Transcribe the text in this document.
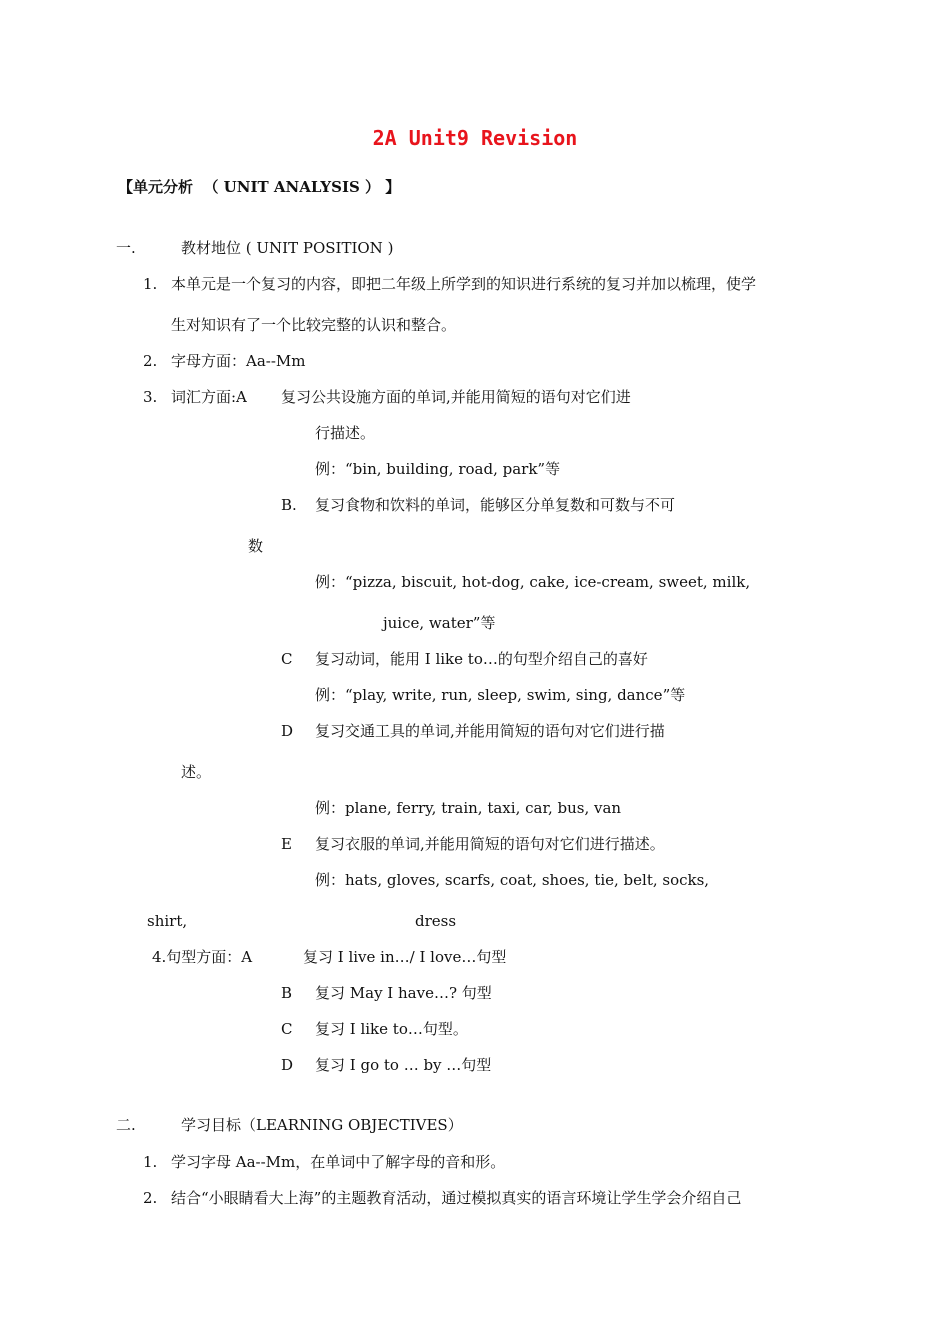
2A Unit9 Revision
【单元分析  （ UNIT ANALYSIS ） 】
一.	教材地位 ( UNIT POSITION )
1. 本单元是一个复习的内容，即把二年级上所学到的知识进行系统的复习并加以梳理，使学
生对知识有了一个比较完整的认识和整合。
2. 字母方面：Aa--Mm
3. 词汇方面:A 复习公共设施方面的单词,并能用简短的语句对它们进
行描述。
例：“bin, building, road, park”等
B. 复习食物和饮料的单词，能够区分单复数和可数与不可
数
例：“pizza, biscuit, hot-dog, cake, ice-cream, sweet, milk,
juice, water”等
C 复习动词，能用 I like to…的句型介绍自己的喜好
例：“play, write, run, sleep, swim, sing, dance”等
D 复习交通工具的单词,并能用简短的语句对它们进行描
述。
例：plane, ferry, train, taxi, car, bus, van
E 复习衣服的单词,并能用简短的语句对它们进行描述。
例：hats, gloves, scarfs, coat, shoes, tie, belt, socks,
shirt,	dress
4.句型方面：A	复习 I live in…/ I love…句型
B 复习 May I have…? 句型
C 复习 I like to…句型。
D 复习 I go to … by …句型
二.	学习目标（LEARNING OBJECTIVES）
1. 学习字母 Aa--Mm，在单词中了解字母的音和形。
2. 结合“小眼睛看大上海”的主题教育活动，通过模拟真实的语言环境让学生学会介绍自己
